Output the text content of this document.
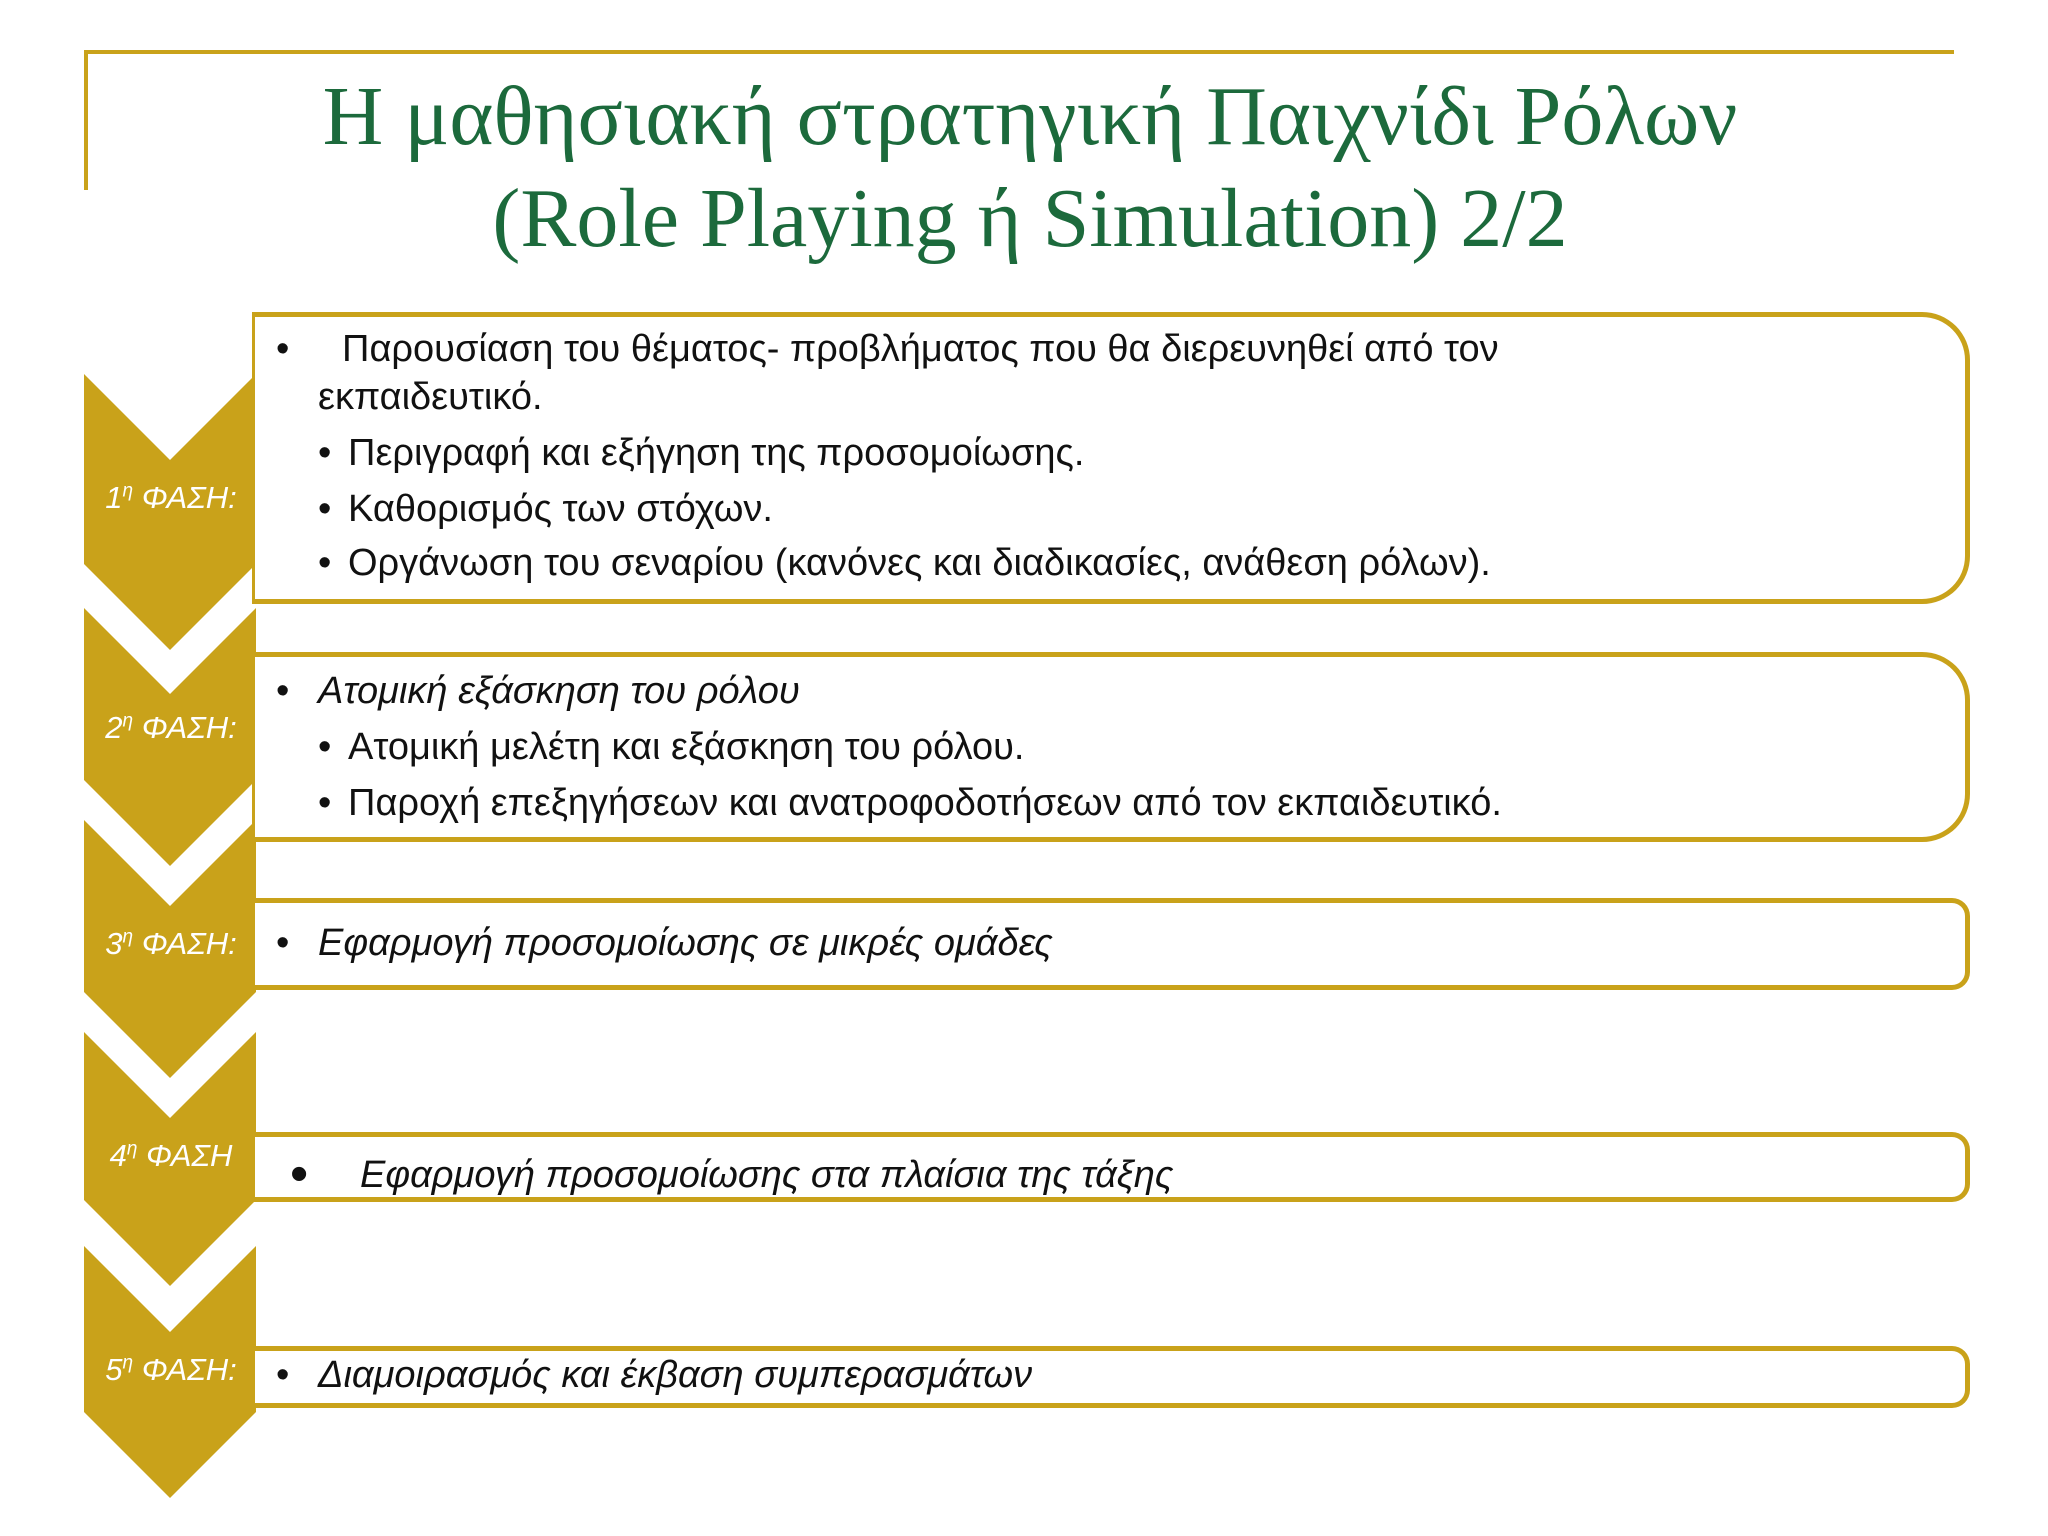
Η μαθησιακή στρατηγική Παιχνίδι Ρόλων
(Role Playing ή Simulation) 2/2
$1^\eta$ ΦΑΣΗ:
$2^\eta$ ΦΑΣΗ:
$3^\eta$ ΦΑΣΗ:
$4^\eta$ ΦΑΣΗ
$5^\eta$ ΦΑΣΗ:
• Παρουσίαση του θέματος- προβλήματος που θα διερευνηθεί από τον
εκπαιδευτικό.
• Περιγραφή και εξήγηση της προσομοίωσης.
• Καθορισμός των στόχων.
• Οργάνωση του σεναρίου (κανόνες και διαδικασίες, ανάθεση ρόλων).
• Ατομική εξάσκηση του ρόλου
• Ατομική μελέτη και εξάσκηση του ρόλου.
• Παροχή επεξηγήσεων και ανατροφοδοτήσεων από τον εκπαιδευτικό.
• Εφαρμογή προσομοίωσης σε μικρές ομάδες
• Εφαρμογή προσομοίωσης στα πλαίσια της τάξης
• Διαμοιρασμός και έκβαση συμπερασμάτων
